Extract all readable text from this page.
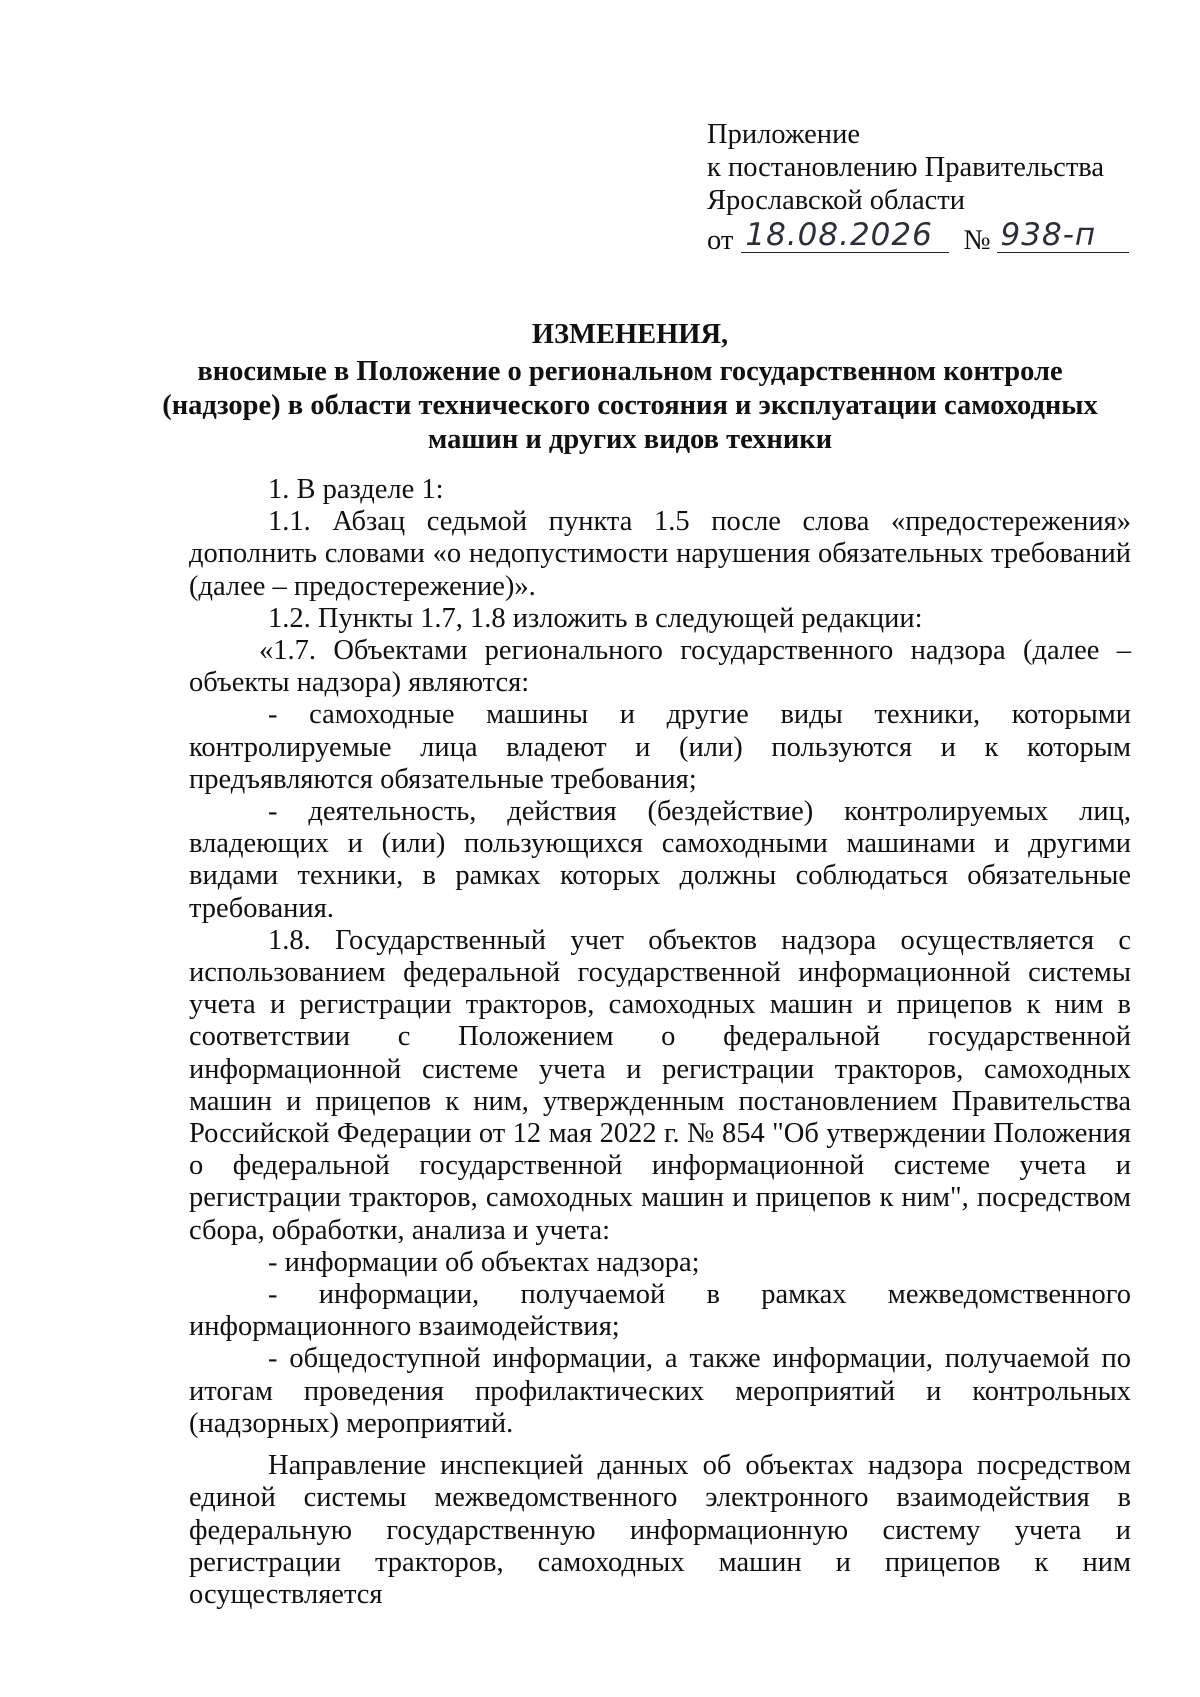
Приложение
к постановлению Правительства
Ярославской области
от 18.08.2026 № 938-п
ИЗМЕНЕНИЯ,
вносимые в Положение о региональном государственном контроле
(надзоре) в области технического состояния и эксплуатации самоходных
машин и других видов техники

1. В разделе 1:

1.1. Абзац седьмой пункта 1.5 после слова «предостережения» дополнить словами «о недопустимости нарушения обязательных требований (далее – предостережение)».

1.2. Пункты 1.7, 1.8 изложить в следующей редакции:

«1.7. Объектами регионального государственного надзора (далее – объекты надзора) являются:

- самоходные машины и другие виды техники, которыми контролируемые лица владеют и (или) пользуются и к которым предъявляются обязательные требования;

- деятельность, действия (бездействие) контролируемых лиц, владеющих и (или) пользующихся самоходными машинами и другими видами техники, в рамках которых должны соблюдаться обязательные требования.

1.8. Государственный учет объектов надзора осуществляется с использованием федеральной государственной информационной системы учета и регистрации тракторов, самоходных машин и прицепов к ним в соответствии с Положением о федеральной государственной информационной системе учета и регистрации тракторов, самоходных машин и прицепов к ним, утвержденным постановлением Правительства Российской Федерации от 12 мая 2022 г. № 854 "Об утверждении Положения о федеральной государственной информационной системе учета и регистрации тракторов, самоходных машин и прицепов к ним", посредством сбора, обработки, анализа и учета:

- информации об объектах надзора;

- информации, получаемой в рамках межведомственного информационного взаимодействия;

- общедоступной информации, а также информации, получаемой по итогам проведения профилактических мероприятий и контрольных (надзорных) мероприятий.

Направление инспекцией данных об объектах надзора посредством единой системы межведомственного электронного взаимодействия в федеральную государственную информационную систему учета и регистрации тракторов, самоходных машин и прицепов к ним осуществляется
